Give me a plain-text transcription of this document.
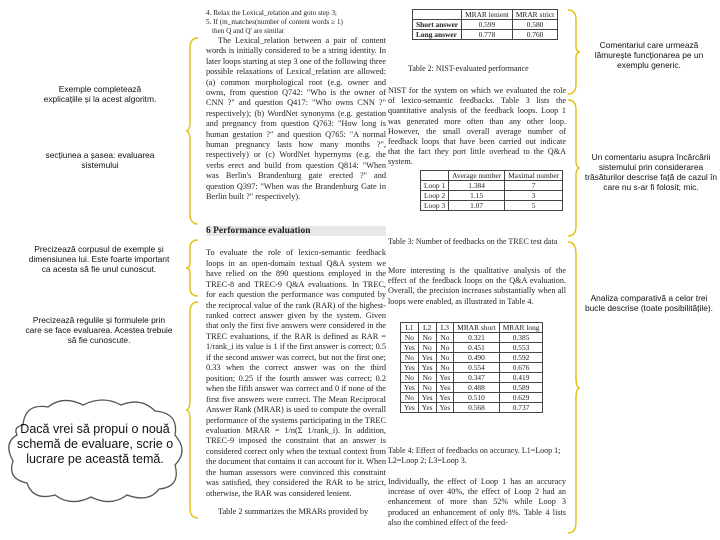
4. Relax the Lexical_relation and goto step 3;
5. If (m_matches(number of content words ≥ 1)
then Q and Q' are similar

The Lexical_relation between a pair of content words is initially considered to be a string identity. In later loops starting at step 3 one of the following three possible relaxations of Lexical_relation are allowed: (a) common morphological root (e.g. owner and owns, from question Q742: "Who is the owner of CNN ?" and question Q417: "Who owns CNN ?" respectively); (b) WordNet synonyms (e.g. gestation and pregnancy from question Q763: "How long is human gestation ?" and question Q765: "A normal human pregnancy lasts how many months ?", respectively) or (c) WordNet hypernyms (e.g. the verbs erect and build from question Q814: "When was Berlin's Brandenburg gate erected ?" and question Q397: "When was the Brandenburg Gate in Berlin built ?" respectively).

6 Performance evaluation

To evaluate the role of lexico-semantic feedback loops in an open-domain textual Q&A system we have relied on the 890 questions employed in the TREC-8 and TREC-9 Q&A evaluations. In TREC, for each question the performance was computed by the reciprocal value of the rank (RAR) of the highest-ranked correct answer given by the system. Given that only the first five answers were considered in the TREC evaluations, if the RAR is defined as RAR = 1/rank_i its value is 1 if the first answer is correct; 0.5 if the second answer was correct, but not the first one; 0.33 when the correct answer was on the third position; 0.25 if the fourth answer was correct; 0.2 when the fifth answer was correct and 0 if none of the first five answers were correct. The Mean Reciprocal Answer Rank (MRAR) is used to compute the overall performance of the systems participating in the TREC evaluation MRAR = 1/n(Σ 1/rank_i). In addition, TREC-9 imposed the constraint that an answer is considered correct only when the textual context from the document that contains it can account for it. When the human assessors were convinced this constraint was satisfied, they considered the RAR to be strict, otherwise, the RAR was considered lenient.

Table 2 summarizes the MRARs provided by

	MRAR lenient	MRAR strict
Short answer	0.599	0.580
Long answer	0.778	0.760
Table 2: NIST-evaluated performance
NIST for the system on which we evaluated the role of lexico-semantic feedbacks. Table 3 lists the quantitative analysis of the feedback loops. Loop 1 was generated more often than any other loop. However, the small overall average number of feedback loops that have been carried out indicate that the fact they port little overhead to the Q&A system.
	Average number	Maximal number
Loop 1	1.384	7
Loop 2	1.15	3
Loop 3	1.07	5
Table 3: Number of feedbacks on the TREC test data
More interesting is the qualitative analysis of the effect of the feedback loops on the Q&A evaluation. Overall, the precision increases substantially when all loops were enabled, as illustrated in Table 4.
L1	L2	L3	MRAR short	MRAR long
No	No	No	0.321	0.385
Yes	No	No	0.451	0.553
No	Yes	No	0.490	0.592
Yes	Yes	No	0.554	0.676
No	No	Yes	0.347	0.419
Yes	No	Yes	0.488	0.589
No	Yes	Yes	0.510	0.629
Yes	Yes	Yes	0.568	0.737
Table 4: Effect of feedbacks on accuracy. L1=Loop 1; L2=Loop 2; L3=Loop 3.
Individually, the effect of Loop 1 has an accuracy increase of over 40%, the effect of Loop 2 had an enhancement of more than 52% while Loop 3 produced an enhancement of only 8%. Table 4 lists also the combined effect of the feed-
Exemple completează explicațiile și la acest algoritm.
secțiunea a șasea: evaluarea sistemului
Precizează corpusul de exemple și dimensiunea lui. Este foarte important ca acesta să fie unul cunoscut.
Precizează regulile și formulele prin care se face evaluarea. Acestea trebuie să fie cunoscute.
Comentariul care urmează lămurește funcționarea pe un exemplu generic.
Un comentariu asupra încărcării sistemului prin considerarea trăsăturilor descrise față de cazul în care nu s-ar fi folosit; mic.
Analiza comparativă a celor trei bucle descrise (toate posibilitățile).
Dacă vrei să propui o nouă schemă de evaluare, scrie o lucrare pe această temă.
